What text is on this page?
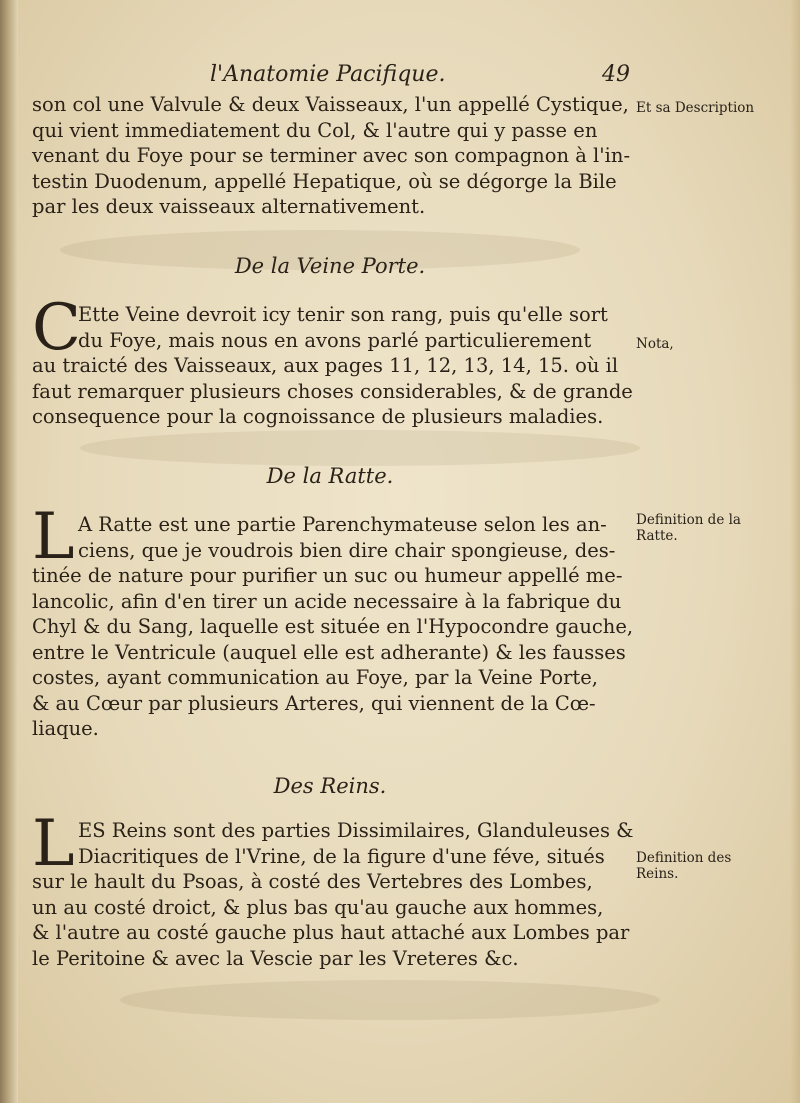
l'Anatomie Pacifique.	49
son col une Valvule & deux Vaisseaux, l'un appellé Cystique,
qui vient immediatement du Col, & l'autre qui y passe en
venant du Foye pour se terminer avec son compagnon à l'in-
testin Duodenum, appellé Hepatique, où se dégorge la Bile
par les deux vaisseaux alternativement.
Et sa Description
De la Veine Porte.
C
Ette Veine devroit icy tenir son rang, puis qu'elle sort
du Foye, mais nous en avons parlé particulierement
au traicté des Vaisseaux, aux pages 11, 12, 13, 14, 15. où il
faut remarquer plusieurs choses considerables, & de grande
consequence pour la cognoissance de plusieurs maladies.
Nota,
De la Ratte.
L A Ratte est une partie Parenchymateuse selon les an-
ciens, que je voudrois bien dire chair spongieuse, des-
tinée de nature pour purifier un suc ou humeur appellé me-
lancolic, afin d'en tirer un acide necessaire à la fabrique du
Chyl & du Sang, laquelle est située en l'Hypocondre gauche,
entre le Ventricule (auquel elle est adherante) & les fausses
costes, ayant communication au Foye, par la Veine Porte,
& au Cœur par plusieurs Arteres, qui viennent de la Cœ-
liaque.
Definition de la
Ratte.
Des Reins.
L ES Reins sont des parties Dissimilaires, Glanduleuses &
Diacritiques de l'Vrine, de la figure d'une féve, situés
sur le hault du Psoas, à costé des Vertebres des Lombes,
un au costé droict, & plus bas qu'au gauche aux hommes,
& l'autre au costé gauche plus haut attaché aux Lombes par
le Peritoine & avec la Vescie par les Vreteres &c.
Definition des
Reins.
